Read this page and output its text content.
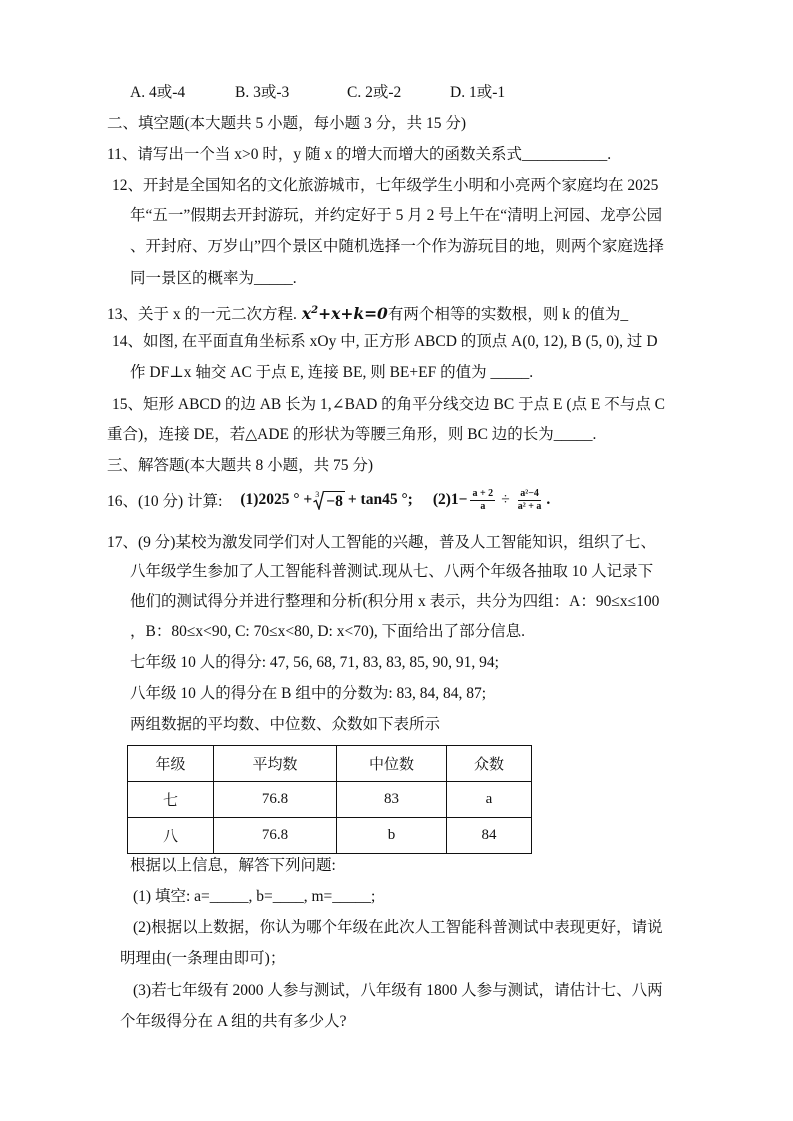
A. 4或-4	B. 3或-3	C. 2或-2	D. 1或-1
二、填空题(本大题共 5 小题，每小题 3 分，共 15 分)
11、请写出一个当 x>0 时，y 随 x 的增大而增大的函数关系式___________.
12、开封是全国知名的文化旅游城市，七年级学生小明和小亮两个家庭均在 2025
年“五一”假期去开封游玩，并约定好于 5 月 2 号上午在“清明上河园、龙亭公园
、开封府、万岁山”四个景区中随机选择一个作为游玩目的地，则两个家庭选择
同一景区的概率为_____.
13、关于 x 的一元二次方程. $x^2+x+k=0$有两个相等的实数根，则 k 的值为_
14、如图, 在平面直角坐标系 xOy 中, 正方形 ABCD 的顶点 A(0, 12), B (5, 0), 过 D
作 DF⊥x 轴交 AC 于点 E, 连接 BE, 则 BE+EF 的值为 _____.
15、矩形 ABCD 的边 AB 长为 1,∠BAD 的角平分线交边 BC 于点 E (点 E 不与点 C
重合)，连接 DE，若△ADE 的形状为等腰三角形，则 BC 边的长为_____.
三、解答题(本大题共 8 小题，共 75 分)
16、(10 分) 计算: (1)2025 ° + 3 −8 + tan45 °; $(2)1- \frac{a + 2}{a} \div \frac{\text{a²−4}}{\text{a² + a}}$ .
17、(9 分)某校为激发同学们对人工智能的兴趣，普及人工智能知识，组织了七、
八年级学生参加了人工智能科普测试.现从七、八两个年级各抽取 10 人记录下
他们的测试得分并进行整理和分析(积分用 x 表示，共分为四组：A：90≤x≤100
，B：80≤x<90, C: 70≤x<80, D: x<70), 下面给出了部分信息.
七年级 10 人的得分: 47, 56, 68, 71, 83, 83, 85, 90, 91, 94;
八年级 10 人的得分在 B 组中的分数为: 83, 84, 84, 87;
两组数据的平均数、中位数、众数如下表所示
年级	平均数	中位数	众数
七	76.8	83	a
八	76.8	b	84
根据以上信息，解答下列问题:
(1) 填空: a=_____, b=____, m=_____;
(2)根据以上数据，你认为哪个年级在此次人工智能科普测试中表现更好，请说
明理由(一条理由即可)；
(3)若七年级有 2000 人参与测试，八年级有 1800 人参与测试，请估计七、八两
个年级得分在 A 组的共有多少人?
